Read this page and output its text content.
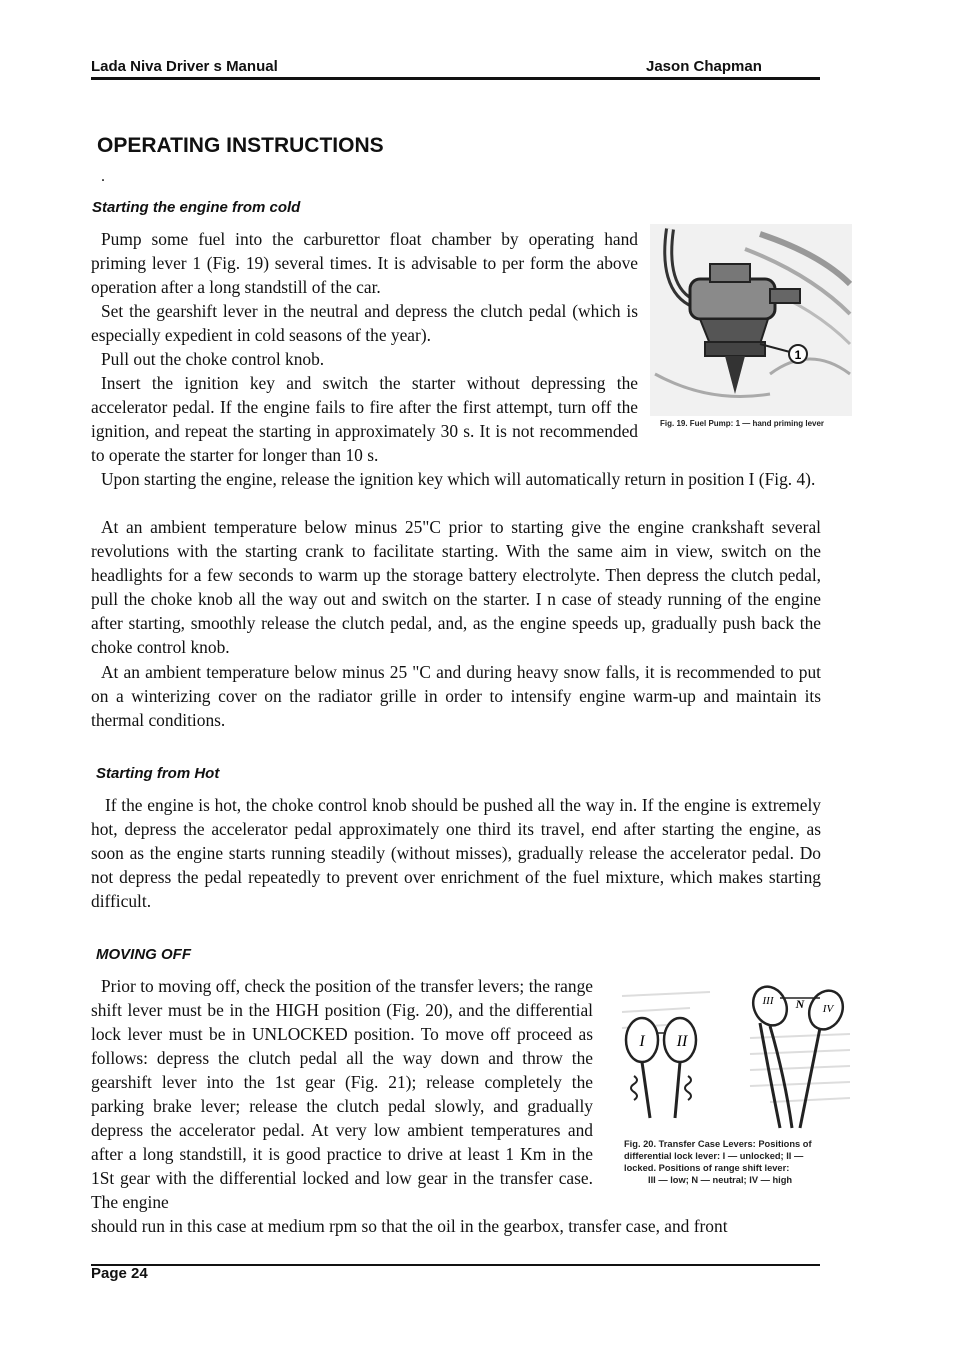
Lada Niva Driver s Manual	Jason Chapman
OPERATING INSTRUCTIONS
.
Starting the engine from cold

Pump some fuel into the carburettor float chamber by operating hand priming lever 1 (Fig. 19) several times. It is advisable to per form the above operation after a long standstill of the car.

Set the gearshift lever in the neutral and depress the clutch pedal (which is especially expedient in cold seasons of the year).

Pull out the choke control knob.

Insert the ignition key and switch the starter without depressing the accelerator pedal. If the engine fails to fire after the first attempt, turn off the ignition, and repeat the starting in approximately 30 s. It is not recommended to operate the starter for longer than 10 s.

Upon starting the engine, release the ignition key which will automatically return in position I (Fig. 4).

At an ambient temperature below minus 25"C prior to starting give the engine crankshaft several revolutions with the starting crank to facilitate starting. With the same aim in view, switch on the headlights for a few seconds to warm up the storage battery electrolyte. Then depress the clutch pedal, pull the choke knob all the way out and switch on the starter. I n case of steady running of the engine after starting, smoothly release the clutch pedal, and, as the engine speeds up, gradually push back the choke control knob.

At an ambient temperature below minus 25 "C and during heavy snow falls, it is recommended to put on a winterizing cover on the radiator grille in order to intensify engine warm-up and maintain its thermal conditions.

1
Fig. 19. Fuel Pump: 1 — hand priming lever
Starting from Hot

If the engine is hot, the choke control knob should be pushed all the way in. If the engine is extremely hot, depress the accelerator pedal approximately one third its travel, end after starting the engine, as soon as the engine starts running steadily (without misses), gradually release the accelerator pedal. Do not depress the pedal repeatedly to prevent over enrichment of the fuel mixture, which makes starting difficult.

MOVING OFF

Prior to moving off, check the position of the transfer levers; the range shift lever must be in the HIGH position (Fig. 20), and the differential lock lever must be in UNLOCKED position. To move off proceed as follows: depress the clutch pedal all the way down and throw the gearshift lever into the 1st gear (Fig. 21); release completely the parking brake lever; release the clutch pedal slowly, and gradually depress the accelerator pedal. At very low ambient temperatures and after a long standstill, it is good practice to drive at least 1 Km in the 1St gear with the differential locked and low gear in the transfer case. The engine

should run in this case at medium rpm so that the oil in the gearbox, transfer case, and front

I II
III N IV
Fig. 20. Transfer Case Levers: Positions of
differential lock lever: I — unlocked; II —
locked. Positions of range shift lever:
III — low; N — neutral; IV — high
Page 24
